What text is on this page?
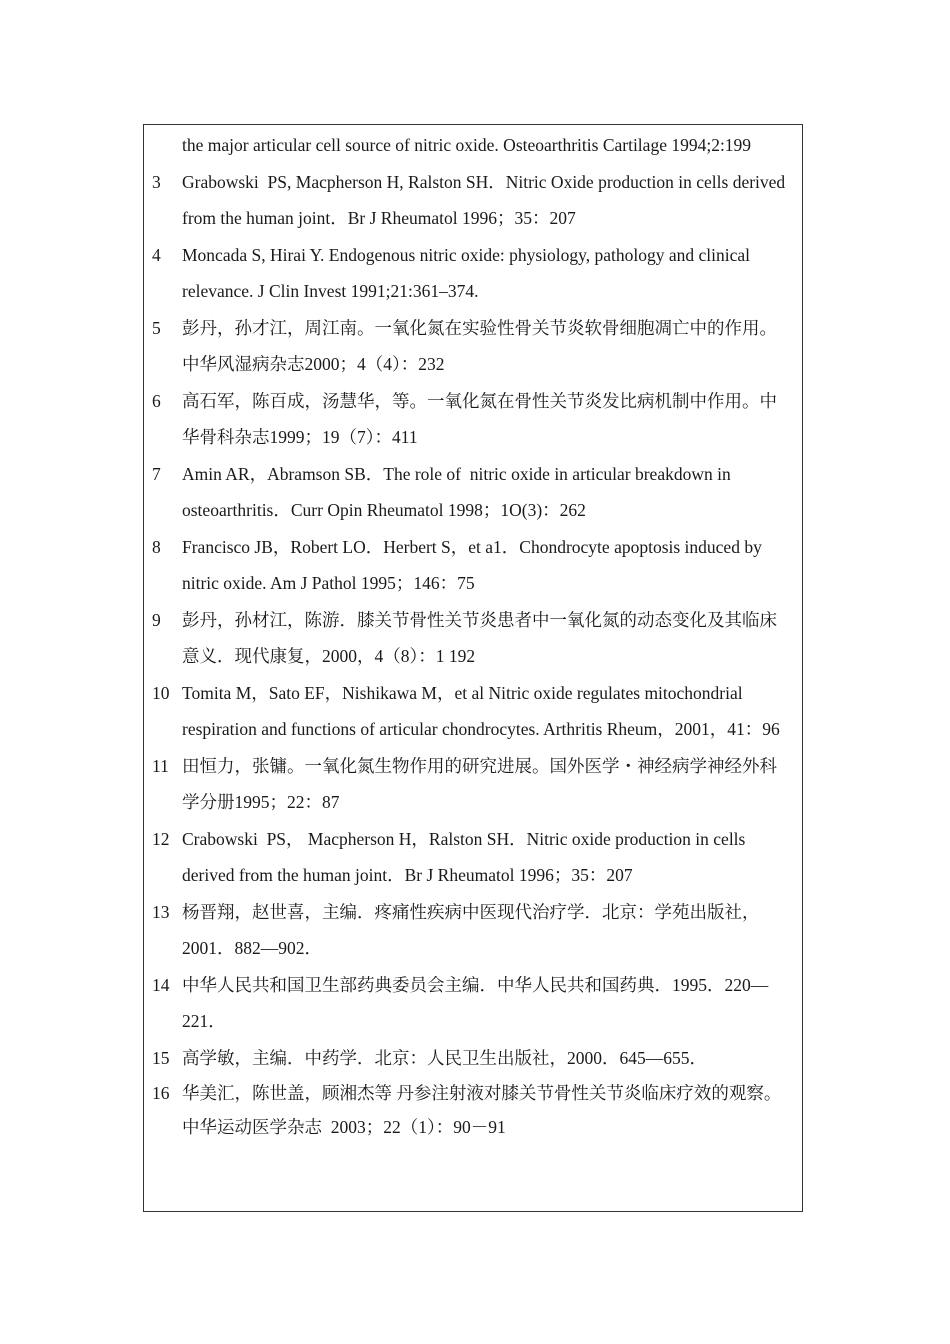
the major articular cell source of nitric oxide. Osteoarthritis Cartilage 1994;2:199
3	Grabowski  PS, Macpherson H, Ralston SH．Nitric Oxide production in cells derived from the human joint．Br J Rheumatol 1996；35：207
4	Moncada S, Hirai Y. Endogenous nitric oxide: physiology, pathology and clinical relevance. J Clin Invest 1991;21:361–374.
5	彭丹，孙才江，周江南。一氧化氮在实验性骨关节炎软骨细胞凋亡中的作用。中华风湿病杂志2000；4（4）：232
6	高石军，陈百成，汤慧华，等。一氧化氮在骨性关节炎发比病机制中作用。中华骨科杂志1999；19（7）：411
7	Amin AR，Abramson SB．The role of  nitric oxide in articular breakdown in osteoarthritis．Curr Opin Rheumatol 1998；1O(3)：262
8	Francisco JB，Robert LO．Herbert S，et a1．Chondrocyte apoptosis induced by nitric oxide. Am J Pathol 1995；146：75
9	彭丹，孙材江，陈游．膝关节骨性关节炎患者中一氧化氮的动态变化及其临床意义．现代康复，2000，4（8）：1 192
10 Tomita M，Sato EF，Nishikawa M，et al Nitric oxide regulates mitochondrial respiration and functions of articular chondrocytes. Arthritis Rheum，2001，41：96
11 田恒力，张镛。一氧化氮生物作用的研究进展。国外医学・神经病学神经外科学分册1995；22：87
12 Crabowski  PS， Macpherson H，Ralston SH．Nitric oxide production in cells derived from the human joint．Br J Rheumatol 1996；35：207
13 杨晋翔，赵世喜，主编．疼痛性疾病中医现代治疗学．北京：学苑出版社，2001．882—902．
14 中华人民共和国卫生部药典委员会主编．中华人民共和国药典．1995．220—221．
15 高学敏，主编．中药学．北京：人民卫生出版社，2000．645—655．
16 华美汇，陈世盖，顾湘杰等 丹参注射液对膝关节骨性关节炎临床疗效的观察。中华运动医学杂志  2003；22（1）：90－91
